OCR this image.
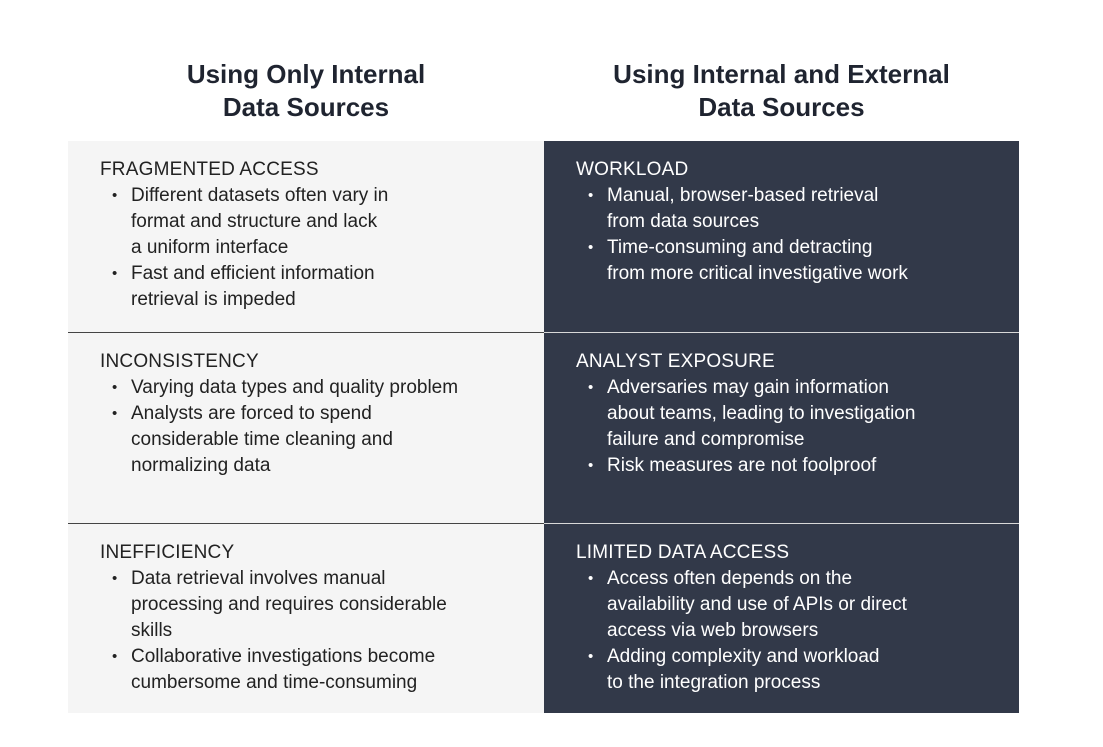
Using Only Internal
Data Sources
Using Internal and External
Data Sources
FRAGMENTED ACCESS
• Different datasets often vary in
format and structure and lack
a uniform interface
• Fast and efficient information
retrieval is impeded
WORKLOAD
• Manual, browser-based retrieval
from data sources
• Time-consuming and detracting
from more critical investigative work
INCONSISTENCY
• Varying data types and quality problem
• Analysts are forced to spend
considerable time cleaning and
normalizing data
ANALYST EXPOSURE
• Adversaries may gain information
about teams, leading to investigation
failure and compromise
• Risk measures are not foolproof
INEFFICIENCY
• Data retrieval involves manual
processing and requires considerable
skills
• Collaborative investigations become
cumbersome and time-consuming
LIMITED DATA ACCESS
• Access often depends on the
availability and use of APIs or direct
access via web browsers
• Adding complexity and workload
to the integration process
